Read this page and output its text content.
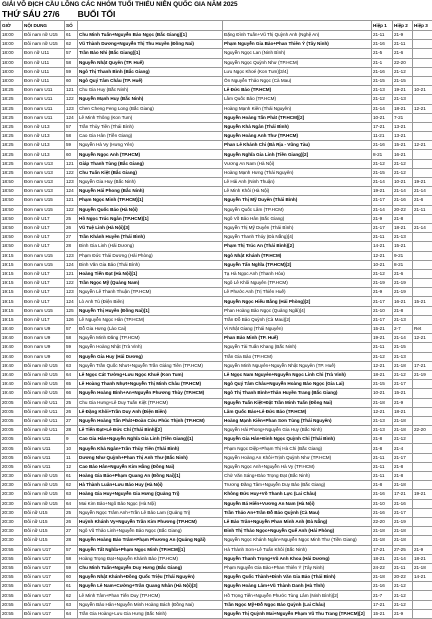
GIẢI VÔ ĐỊCH CẦU LÔNG CÁC NHÓM TUỔI THIẾU NIÊN QUỐC GIA NĂM 2025
THỨ SÁU 27/6 BUỔI TỐI
GIỜ	NỘI DUNG	SỐ			Hiệp 1	Hiệp 2	Hiệp 3
18:00	Đôi nam nữ U15	61	Chu Minh Tuấn+Nguyễn Bảo Ngọc (Bắc Giang)[1]	Đặng Đình Tuấn+Vũ Thị Quỳnh Anh (Nghệ An)	21-11	21-9	
18:00	Đôi nam nữ U15	62	Vũ Thành Dương+Nguyễn Thị Thu Huyền (Đồng Nai)	Phạm Nguyễn Gia Bảo+Phan Thiên Ý (Tây Ninh)	21-16	21-11	
18:00	Đơn nữ U11	57	Trần Bảo Nhi (Bắc Giang)[1]	Nguyễn Ngọc Lan (Ninh Bình)	21-5	21-6	
18:00	Đơn nữ U11	58	Nguyễn Nhật Quyên (TP. Huế)	Nguyễn Ngọc Quỳnh Như (TP.HCM)	21-1	22-20	
18:00	Đơn nữ U11	59	Ngô Thị Thanh Bình (Bắc Giang)	Lưu Ngọc Khoé (Kon Tum)[3/4]	21-16	21-12	
18:00	Đơn nữ U11	60	Ngô Quý Tâm Châu (TP. Huế)	Ôn Nguyễn Thảo Ngọc (Cà Mau)	21-15	21-15	
18:25	Đơn nam U11	121	Chu Gia Huy (Bắc Ninh)	Lê Đức Bảo (TP.HCM)	21-13	19-21	10-21
18:25	Đơn nam U11	122	Nguyễn Mạnh Huy (Bắc Ninh)	Lâm Quốc Bảo (TP.HCM)	21-12	21-13	
18:25	Đơn nam U11	123	Chen Cheng Feng Long (Bắc Giang)	Hoàng Mạnh Kiên (Thái Nguyên)	21-14	18-21	12-21
18:25	Đơn nam U11	124	Lê Minh Thông (Kon Tum)	Nguyễn Hoàng Tấn Phát (TP.HCM)[2]	10-21	7-21	
18:25	Đơn nữ U13	57	Trần Thùy Tiên (Thái Bình)	Nguyễn Khả Ngân (Thái Bình)	17-21	13-21	
18:25	Đơn nữ U13	58	Cao Gia Hân (Tiền Giang)	Nguyễn Hoàng Anh Thư (TP.HCM)	11-21	13-21	
18:25	Đơn nữ U13	59	Nguyễn Hà Vy (Hưng Yên)	Phan Lê Khánh Chi (Bà Rịa - Vũng Tàu)	21-16	15-21	12-21
18:25	Đơn nữ U13	60	Nguyễn Ngọc Anh (TP.HCM)	Nguyễn Nghĩa Gia Linh (Tiền Giang)[2]	8-21	16-21	
18:25	Đơn nam U13	121	Giáp Thanh Tùng (Bắc Giang)	Vương An Nam (Hà Nội)	21-12	21-12	
18:25	Đơn nam U13	122	Chu Tuấn Kiệt (Bắc Giang)	Hoàng Mạnh Hưng (Thái Nguyên)	21-15	21-12	
18:50	Đơn nam U13	123	Nguyễn Gia Huy (Bắc Ninh)	Lê Hải Anh (Ninh Thuận)	21-14	10-21	19-21
18:50	Đơn nam U13	124	Nguyễn Hải Phong (Bắc Ninh)	Lê Minh Khôi (Hà Nội)	19-21	21-14	21-14
18:50	Đơn nam U15	121	Phạm Ngọc Minh (TP.HCM)[1]	Nguyễn Thị Mỹ Duyên (Thái Bình)	21-17	21-16	21-6
18:50	Đơn nam U15	122	Nguyễn Quốc Bảo (Hà Nội)	Nguyễn Quốc Lâm (TP.HCM)	21-14	20-22	21-11
18:50	Đơn nữ U17	25	Hồ Ngọc Trúc Ngân (TP.HCM)[1]	Ngô Võ Bảo Hân (Bắc Giang)	21-9	21-8	
18:50	Đơn nữ U17	26	Vũ Tuệ Linh (Hà Nội)[3]	Nguyễn Thị Mỹ Duyên (Thái Bình)	21-17	18-21	21-14
18:50	Đơn nữ U17	27	Trần Khánh Huyền (Thái Bình)	Nguyễn Thanh Thúy (Đà Nẵng)[4]	21-11	21-13	
18:50	Đơn nữ U17	28	Đinh Gia Linh (Hải Dương)	Phạm Thị Trúc An (Thái Bình)[2]	14-21	15-21	
19:15	Đơn nam U15	123	Phạm Đức Thái Dương (Hải Phòng)	Ngô Nhật Khánh (TP.HCM)	12-21	9-21	
19:15	Đơn nam U15	124	Đinh Văn Gia Bảo (Thái Bình)	Nguyễn Tấn Nghĩa (TP.HCM)[2]	10-21	8-21	
19:15	Đơn nữ U17	121	Hoàng Tiến Đạt (Hà Nội)[1]	Tạ Hà Ngọc Anh (Thanh Hóa)	21-12	21-6	
19:15	Đơn nữ U17	122	Trần Ngọc Mỹ (Quảng Nam)	Ngô Lê Khôi Nguyên (TP.HCM)	21-19	21-19	
19:15	Đơn nữ U17	123	Nguyễn Lê Thanh Thuận (TP.HCM)	Lê Phước Anh (Trị Thiên Huế)	21-9	21-19	
19:15	Đơn nữ U17	124	Lò Anh Tú (Điện Biên)	Nguyễn Ngọc Hiếu Bằng (Hải Phòng)[2]	21-17	16-21	15-21
19:15	Đơn nam U15	125	Nguyễn Thị Huyền (Đồng Nai)[1]	Phan Hoàng Bảo Ngọc (Quảng Ngãi)[4]	21-10	21-8	
19:15	Đơn nữ U17	126	Lê Nguyễn Ngọc Hân (TP.HCM)	Trần Đỗ Bảo Quỳnh (Cà Mau)[2]	21-17	21-13	
19:40	Đơn nam U9	57	Đỗ Gia Hưng (Lào Cai)	Vi Nhật Giang (Thái Nguyên)	15-21	2-7	Ret
19:40	Đơn nam U9	58	Nguyễn Minh Đăng (TP.HCM)	Phan Bảo Minh (TP. Huế)	19-21	21-14	12-21
19:40	Đơn nam U9	59	Nguyễn Hoàng Nhật (Trà Vinh)	Nguyễn Tài Tuấn Khang (Bắc Ninh)	21-11	21-15	
19:40	Đơn nam U9	60	Nguyễn Gia Huy (Hải Dương)	Trần Gia Bảo (TP.HCM)	21-12	21-13	
19:40	Đôi nam nữ U15	63	Nguyễn Trần Quốc Nhưt+Nguyễn Trần Giáng Tiên (TP.HCM)	Nguyễn Minh Nguyên+Nguyễn Nhật Nguyên (TP. Huế)	12-21	21-18	17-21
19:40	Đôi nam nữ U15	64	Lê Ngọc Cát Tường+Lưu Ngọc Khuê (Kon Tum)	Lê Ngọc Nam Nguyên+Nguyễn Ngọc Linh Chi (Trà Vinh)	18-21	21-12	21-19
19:40	Đôi nam nữ U15	65	Lê Hoàng Thanh Nhựt+Nguyễn Thị Minh Châu (TP.HCM)	Ngô Quý Tâm Châu+Nguyễn Hoàng Bảo Ngọc (Gia Lai)	21-15	21-17	
19:40	Đôi nam nữ U15	66	Nguyễn Hoàng Bình+An+Nguyễn Phương Thùy (TP.HCM)	Ngô Thị Thanh Bình+Thân Huyền Trang (Bắc Giang)	10-21	15-21	
20:05	Đôi nam nữ U11	25	Chu Gia Hưng+Lê Duy Tuấn Kiệt (TP.HCM)	Nguyễn Tuấn Kiệt+Đặt Trần Minh Tuấn (Đồng Nai)	21-18	21-9	
20:05	Đôi nam nữ U11	26	Lê Đặng Khôi+Trần Duy Anh (Điện Biên)	Lâm Quốc Bảo+Lê Đức Bảo (TP.HCM)	12-21	18-21	
20:05	Đôi nam nữ U11	27	Nguyễn Hoàng Tấn Phát+Đoàn Cửu Phúc Thịnh (TP.HCM)	Hoàng Mạnh Kiên+Phan Sơn Tùng (Thái Nguyên)	21-13	21-18	
20:05	Đôi nam nữ U11	28	Lê Tiến Đạt+Lê Đức Chí (Thái Bình)[2]	Nguyễn Hải Phong+Nguyễn Gia Huy (Bắc Ninh)	21-13	21-18	22-20
20:05	Đôi nam U11	9	Cao Gia Hân+Nguyễn Nghĩa Gia Linh (Tiền Giang)[1]	Nguyễn Gia Hân+Đinh Ngọc Quỳnh Chi (Thái Bình)	21-8	21-12	
20:05	Đôi nam U11	10	Nguyễn Khả Ngân+Trần Thùy Tiên (Thái Bình)	Phạm Ngọc Diệp+Phạm Thị Hà Chi (Bắc Giang)	21-8	21-4	
20:05	Đôi nam U11	11	Dương Như Quỳnh+Phan Thị Anh Thư (Bắc Ninh)	Nguyễn Hoàng An Khôi+Trịnh Quỳnh Như (TP.HCM)	21-11	21-17	
20:05	Đôi nam U11	12	Cao Bảo Hân+Nguyễn Kim Hằng (Đồng Nai)	Nguyễn Ngọc Anh+Nguyễn Hà Vy (TP.HCM)	21-11	21-8	
20:30	Đôi nam nữ U15	61	Hoàng Gia Bảo+Phạm Quang An (Đồng Nai)[1]	Chử Văn Sáng+Đào Trọng Đạt (Bắc Ninh)	21-11	21-8	
20:30	Đôi nam nữ U15	62	Hà Thành Luân+Lưu Bảo Huy (Hà Nội)	Trương Đăng Tâm+Nguyễn Duy Bảo (Bắc Giang)	21-8	21-18	
20:30	Đôi nam nữ U15	63	Hoàng Gia Huy+Nguyễn Gia Hưng (Quảng Trị)	Không Đức Huy+Võ Thanh Lực (Lai Châu)	21-16	17-21	19-21
20:30	Đôi nam nữ U15	64	Mai Kim Bảo+Ngô Bảo Ngọc (Hà Nội)	Nguyễn Bá Hiển+Vương An Nam (Hà Nội)	21-10	21-16	
20:30	Đôi nữ U15	25	Nguyễn Ngọc Trâm Anh+Trần Lê Bảo Lam (Quảng Trị)	Trần Thảo An+Trần Đỗ Bảo Quỳnh (Cà Mau)	21-16	21-17	
20:30	Đôi nữ U15	26	Huỳnh Khánh Vy+Nguyễn Trần Kim Phương (TP.HCM)	Lê Bảo Trân+Nguyễn Phan Minh Anh (Đà Nẵng)	22-20	21-19	
20:30	Đôi nữ U15	27	Ngô Vũ Thảo Linh+Nguyễn Bảo Ngọc (Bắc Giang)	Đinh Thị Thảo Ngọc+Nguyễn Quế Anh (Hải Phòng)	21-18	21-18	
20:30	Đôi nữ U15	28	Nguyễn Hoàng Bảo Trâm+Phạm Phương An (Quảng Ngãi)	Nguyễn Ngọc Khánh Ngân+Nguyễn Ngọc Minh Thư (Tiền Giang)	21-18	21-18	
20:55	Đôi nam U17	57	Nguyễn Tất Nghĩa+Phạm Ngọc Minh (TP.HCM)[1]	Hà Thành Sơn+Lê Tuấn Khôi (Bắc Ninh)	17-21	27-25	21-9
20:55	Đôi nam U17	58	Hoàng Trọng Đạt+Nguyễn Khánh Bảo (TP.HCM)	Nguyễn Thanh Trọng+Vũ Anh Khoa (Hải Dương)	18-21	21-14	18-21
20:55	Đôi nam U17	59	Chu Minh Tuấn+Nguyễn Duy Hưng (Bắc Giang)	Phạm Nguyễn Gia Bảo+Phan Thiên Ý (Tây Ninh)	24-22	21-11	21-18
20:55	Đôi nam U17	60	Nguyễn Nhật Khánh+Đồng Quốc Triệu (Thái Nguyên)	Nguyễn Quốc Thành+Đinh Văn Gia Bảo (Thái Bình)	21-18	20-22	14-21
20:55	Đôi nam U17	61	Nguyễn Lê Nam+Cường+Trần Quang Nhân (Hà Nội)[3]	Nguyễn Hoàng Lâm+Vũ Thành Danh (Hà Tĩnh)	21-16	21-12	
20:55	Đôi nam U17	62	Lê Minh Tâm+Phan Tiến Duy (TP.HCM)	Hồ Trọng Tiến+Nguyễn Phước Tùng Lâm (Ninh Bình)[2]	21-7	21-12	
20:55	Đôi nam U17	63	Nguyễn Bảo Hân+Nguyễn Minh Hoàng Bách (Đồng Nai)	Trần Ngọc Mỹ+Đỗ Ngọc Bảo Quỳnh (Lai Châu)	17-21	21-12	
20:55	Đôi nam U17	64	Trần Gia Hoàng+Lưu Gia Hưng (Bắc Ninh)	Nguyễn Thị Quỳnh Mai+Nguyễn Phạm Vũ Thu Trang (TP.HCM)[2]	15-21	21-9	
